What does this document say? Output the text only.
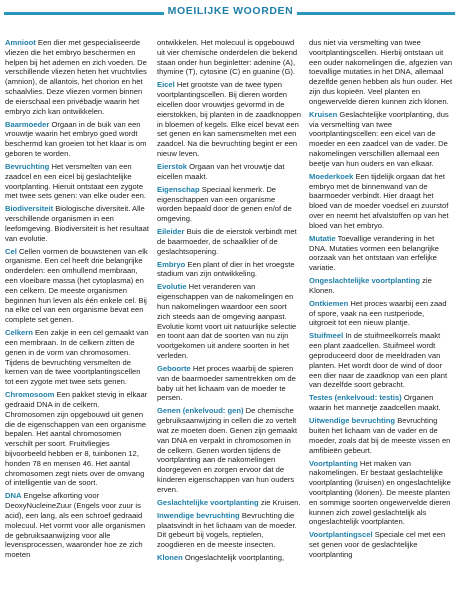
MOEILIJKE WOORDEN

Amnioot Een dier met gespecialiseerde vliezen die het embryo beschermen en helpen bij het ademen en zich voeden. De verschillende vliezen heten het vruchtvlies (amnion), de allantois, het chorion en het schaalvlies. Deze vliezen vormen binnen de eierschaal een privébadje waarin het embryo zich kan ontwikkelen.

Baarmoeder Orgaan in de buik van een vrouwtje waarin het embryo goed wordt beschermd kan groeien tot het klaar is om geboren te worden.

Bevruchting Het versmelten van een zaadcel en een eicel bij geslachtelijke voortplanting. Hieruit ontstaat een zygote met twee sets genen: van elke ouder een.

Biodiversiteit Biologische diversiteit. Alle verschillende organismen in een leefomgeving. Biodiversiteit is het resultaat van evolutie.

Cel Cellen vormen de bouwstenen van elk organisme. Een cel heeft drie belangrijke onderdelen: een omhullend membraan, een vloeibare massa (het cytoplasma) en een celkern. De meeste organismen beginnen hun leven als één enkele cel. Bij na elke cel van een organisme bevat een complete set genen.

Celkern Een zakje in een cel gemaakt van een membraan. In de celkern zitten de genen in de vorm van chromosomen. Tijdens de bevruchting versmelten de kernen van de twee voortplantingscellen tot een zygote met twee sets genen.

Chromosoom Een pakket stevig in elkaar gedraaid DNA in de celkern. Chromosomen zijn opgebouwd uit genen die de eigenschappen van een organisme bepalen. Het aantal chromosomen verschilt per soort. Fruitvliegjes bijvoorbeeld hebben er 8, tuinbonen 12, honden 78 en mensen 46. Het aantal chromosomen zegt niets over de omvang of intelligentie van de soort.

DNA Engelse afkorting voor DeoxyNucleineZuur (Engels voor zuur is acid), een lang, als een schroef gedraaid molecuul. Het vormt voor alle organismen de gebruiksaanwijzing voor alle levensprocessen, waaronder hoe ze zich moeten

ontwikkelen. Het molecuul is opgebouwd uit vier chemische onderdelen die bekend staan onder hun beginletter: adenine (A), thymine (T), cytosine (C) en guanine (G).

Eicel Het grootste van de twee typen voortplantingscellen. Bij dieren worden eicellen door vrouwtjes gevormd in de eierstokken, bij planten in de zaadknoppen in bloemen of kegels. Elke eicel bevat een set genen en kan samensmelten met een zaadcel. Na die bevruchting begint er een nieuw leven.

Eierstok Orgaan van het vrouwtje dat eicellen maakt.

Eigenschap Speciaal kenmerk. De eigenschappen van een organisme worden bepaald door de genen en/of de omgeving.

Eileider Buis die de eierstok verbindt met de baarmoeder, de schaalklier of de geslachtsopening.

Embryo Een plant of dier in het vroegste stadium van zijn ontwikkeling.

Evolutie Het veranderen van eigenschappen van de nakomelingen en hun nakomelingen waardoor een soort zich steeds aan de omgeving aanpast. Evolutie komt voort uit natuurlijke selectie en toont aan dat de soorten van nu zijn voortgekomen uit andere soorten in het verleden.

Geboorte Het proces waarbij de spieren van de baarmoeder samentrekken om de baby uit het lichaam van de moeder te persen.

Genen (enkelvoud: gen) De chemische gebruiksaanwijzing in cellen die zo vertelt wat ze moeten doen. Genen zijn gemaakt van DNA en verpakt in chromosomen in de celkern. Genen worden tijdens de voortplanting aan de nakomelingen doorgegeven en zorgen ervoor dat de kinderen eigenschappen van hun ouders erven.

Geslachtelijke voortplanting zie Kruisen.

Inwendige bevruchting Bevruchting die plaatsvindt in het lichaam van de moeder. Dit gebeurt bij vogels, reptielen, zoogdieren en de meeste insecten.

Klonen Ongeslachtelijk voortplanting,

dus niet via versmelting van twee voortplantingscellen. Hierbij ontstaan uit een ouder nakomelingen die, afgezien van toevallige mutaties in het DNA, allemaal dezelfde genen hebben als hun ouder. Het zijn dus kopieën. Veel planten en ongewervelde dieren kunnen zich klonen.

Kruisen Geslachtelijke voortplanting, dus via versmelting van twee voortplantingscellen: een eicel van de moeder en een zaadcel van de vader. De nakomelingen verschillen allemaal een beetje van hun ouders en van elkaar.

Moederkoek Een tijdelijk orgaan dat het embryo met de binnenwand van de baarmoeder verbindt. Hier draagt het bloed van de moeder voedsel en zuurstof over en neemt het afvalstoffen op van het bloed van het embryo.

Mutatie Toevallige verandering in het DNA. Mutaties vormen een belangrijke oorzaak van het ontstaan van erfelijke variatie.

Ongeslachtelijke voortplanting zie Klonen.

Ontkiemen Het proces waarbij een zaad of spore, vaak na een rustperiode, uitgroeit tot een nieuw plantje.

Stuifmeel In de stuifmeelkorrels maakt een plant zaadcellen. Stuifmeel wordt geproduceerd door de meeldraden van planten. Het wordt door de wind of door een dier naar de zaadknop van een plant van dezelfde soort gebracht.

Testes (enkelvoud: testis) Organen waarin het mannetje zaadcellen maakt.

Uitwendige bevruchting Bevruchting buiten het lichaam van de vader en de moeder, zoals dat bij de meeste vissen en amfibieën gebeurt.

Voortplanting Het maken van nakomelingen. Er bestaat geslachtelijke voortplanting (kruisen) en ongeslachtelijke voortplanting (klonen). De meeste planten en sommige soorten ongewervelde dieren kunnen zich zowel geslachtelijk als ongeslachtelijk voortplanten.

Voortplantingscel Speciale cel met een set genen voor de geslachtelijke voortplanting
